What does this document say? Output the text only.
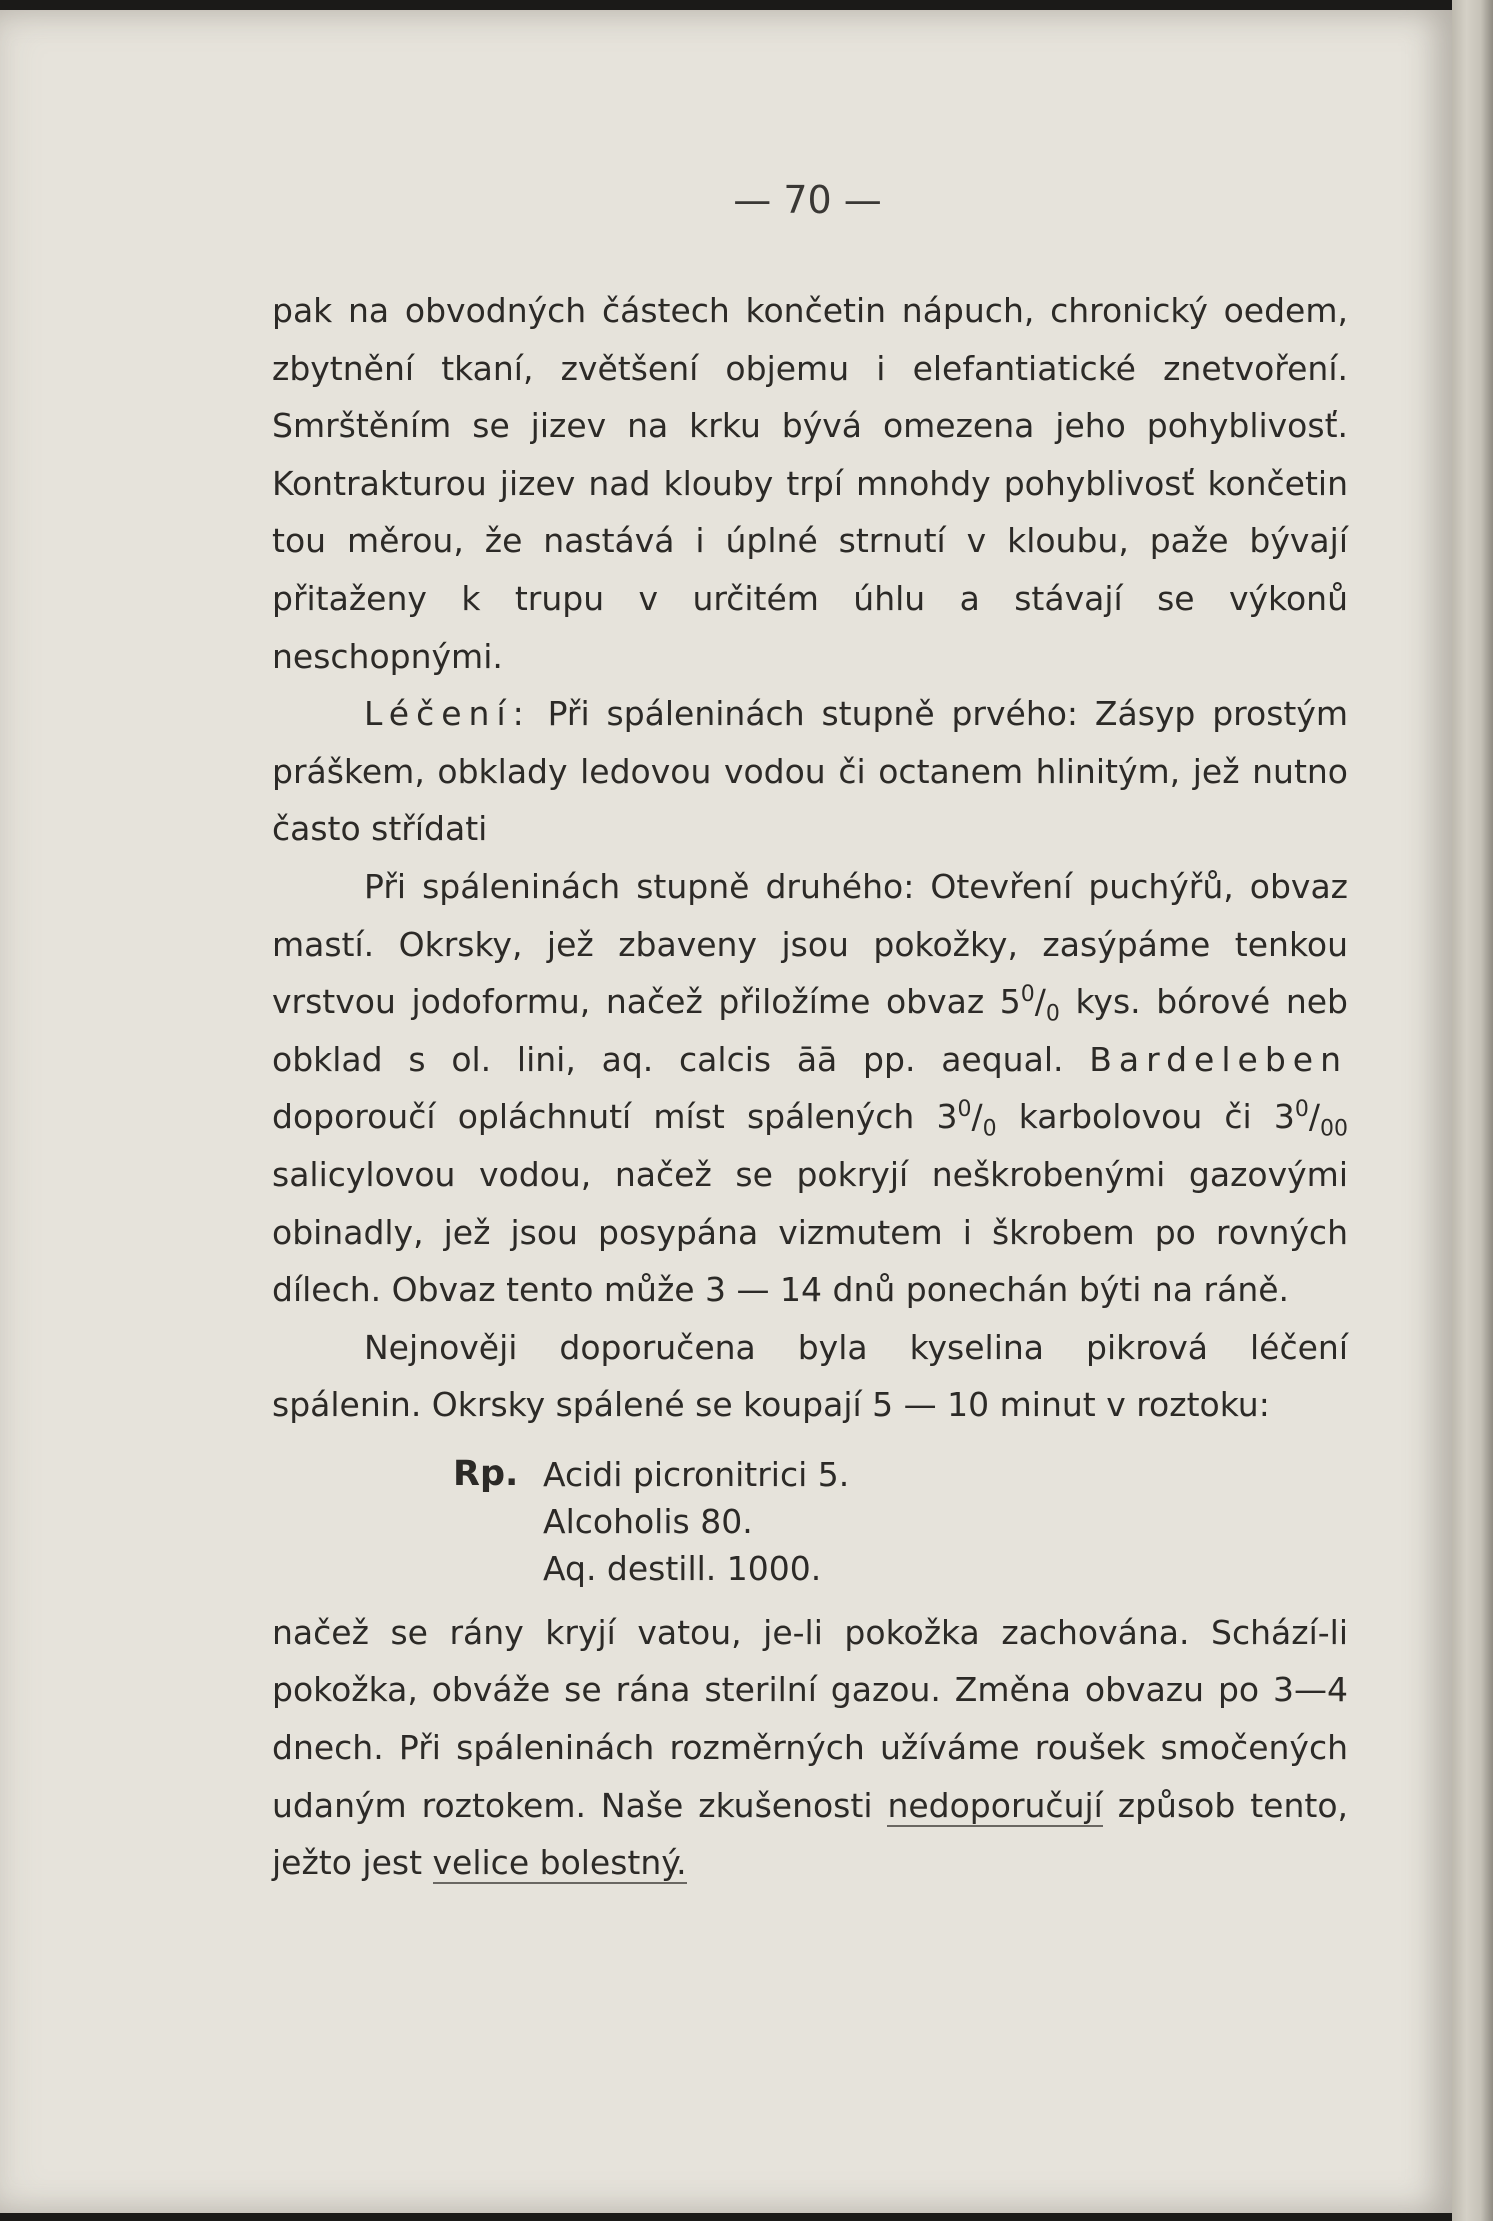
— 70 —

pak na obvodných částech končetin nápuch, chronický oedem, zbytnění tkaní, zvětšení objemu i elefantiatické znetvoření. Smrštěním se jizev na krku bývá omezena jeho pohyblivosť. Kontrakturou jizev nad klouby trpí mnohdy pohyblivosť končetin tou měrou, že nastává i úplné strnutí v kloubu, paže bývají přitaženy k trupu v určitém úhlu a stávají se výkonů neschopnými.

Léčení: Při spáleninách stupně prvého: Zásyp prostým práškem, obklady ledovou vodou či octanem hlinitým, jež nutno často střídati

Při spáleninách stupně druhého: Otevření puchýřů, obvaz mastí. Okrsky, jež zbaveny jsou pokožky, zasýpáme tenkou vrstvou jodoformu, načež přiložíme obvaz $5^0/_0$ kys. bórové neb obklad s ol. lini, aq. calcis āā pp. aequal. Bardeleben doporoučí opláchnutí míst spálených $3^0/_0$ karbolovou či $3^0/_{00}$ salicylovou vodou, načež se pokryjí neškrobenými gazovými obinadly, jež jsou posypána vizmutem i škrobem po rovných dílech. Obvaz tento může 3 — 14 dnů ponechán býti na ráně.

Nejnověji doporučena byla kyselina pikrová léčení spálenin. Okrsky spálené se koupají 5 — 10 minut v roztoku:

Rp. Acidi picronitrici 5.
Alcoholis 80.
Aq. destill. 1000.

načež se rány kryjí vatou, je-li pokožka zachována. Schází-li pokožka, obváže se rána sterilní gazou. Změna obvazu po 3—4 dnech. Při spáleninách rozměrných užíváme roušek smočených udaným roztokem. Naše zkušenosti nedoporučují způsob tento, ježto jest velice bolestný.
